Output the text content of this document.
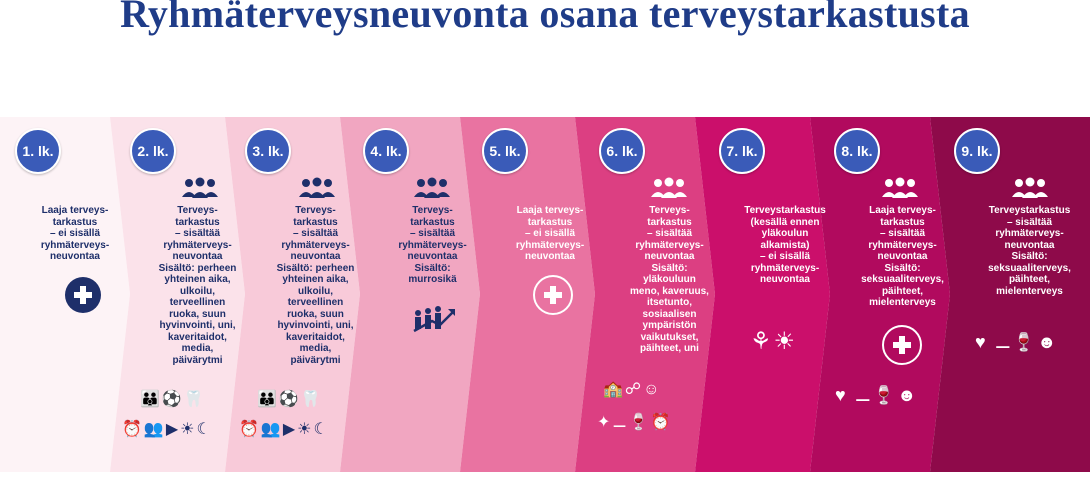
Ryhmäterveysneuvonta osana terveystarkastusta
1. lk.
Laaja terveys-
tarkastus
– ei sisällä
ryhmäterveys-
neuvontaa
2. lk.
Terveys-
tarkastus
– sisältää
ryhmäterveys-
neuvontaa
Sisältö: perheen
yhteinen aika,
ulkoilu,
terveellinen
ruoka, suun
hyvinvointi, uni,
kaveritaidot,
media,
päivärytmi
👪⚽🦷
⏰👥▶☀☾
3. lk.
Terveys-
tarkastus
– sisältää
ryhmäterveys-
neuvontaa
Sisältö: perheen
yhteinen aika,
ulkoilu,
terveellinen
ruoka, suun
hyvinvointi, uni,
kaveritaidot,
media,
päivärytmi
👪⚽🦷
⏰👥▶☀☾
4. lk.
Terveys-
tarkastus
– sisältää
ryhmäterveys-
neuvontaa
Sisältö:
murrosikä
5. lk.
Laaja terveys-
tarkastus
– ei sisällä
ryhmäterveys-
neuvontaa
6. lk.
Terveys-
tarkastus
– sisältää
ryhmäterveys-
neuvontaa
Sisältö:
yläkouluun
meno, kaveruus,
itsetunto,
sosiaalisen
ympäristön
vaikutukset,
päihteet, uni
🏫☍☺
✦⚊🍷⏰
7. lk.
Terveystarkastus
(kesällä ennen
yläkoulun
alkamista)
– ei sisällä
ryhmäterveys-
neuvontaa
⚘☀
8. lk.
Laaja terveys-
tarkastus
– sisältää
ryhmäterveys-
neuvontaa
Sisältö:
seksuaaliterveys,
päihteet,
mielenterveys
♥ ⚊🍷☻
9. lk.
Terveystarkastus
– sisältää
ryhmäterveys-
neuvontaa
Sisältö:
seksuaaliterveys,
päihteet,
mielenterveys
♥ ⚊🍷☻
